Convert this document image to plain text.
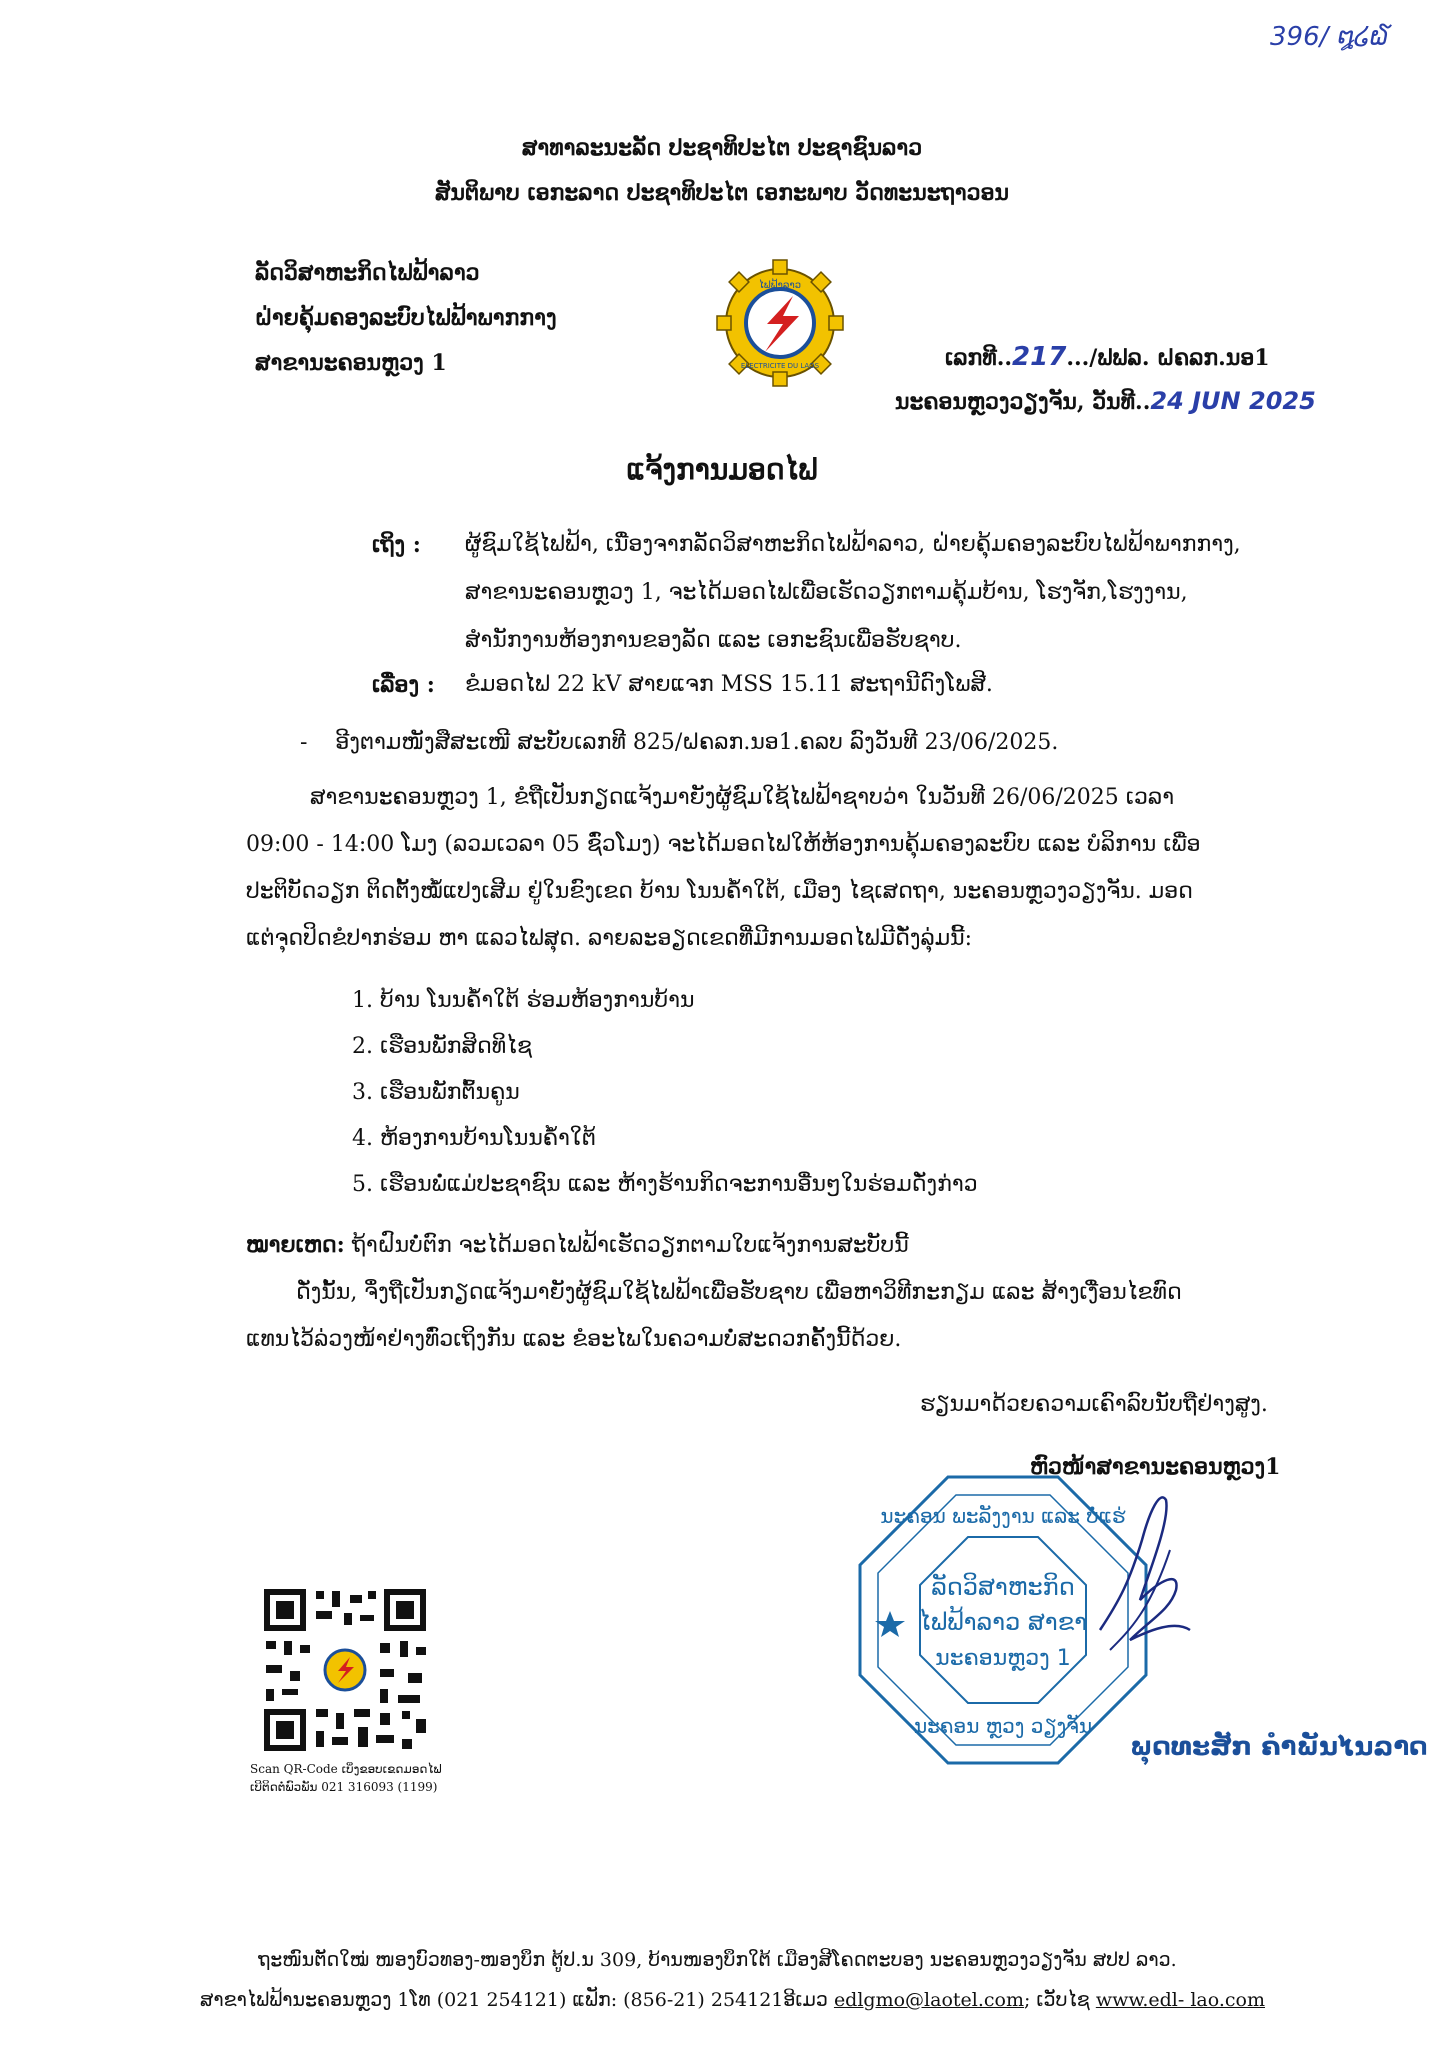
396/ ໘໒໖
ສາທາລະນະລັດ ປະຊາທິປະໄຕ ປະຊາຊົນລາວ
ສັນຕິພາບ ເອກະລາດ ປະຊາທິປະໄຕ ເອກະພາບ ວັດທະນະຖາວອນ
ລັດວິສາຫະກິດໄຟຟ້າລາວ
ຝ່າຍຄຸ້ມຄອງລະບົບໄຟຟ້າພາກກາງ
ສາຂານະຄອນຫຼວງ 1
ໄຟຟ້າລາວ
ELECTRICITE DU LAOS	ເລກທີ..217.../ຟຟລ. ຝຄລກ.ນອ1
ນະຄອນຫຼວງວຽງຈັນ, ວັນທີ..24 JUN 2025
ແຈ້ງການມອດໄຟ
ເຖິງ : ຜູ້ຊົມໃຊ້ໄຟຟ້າ, ເນື່ອງຈາກລັດວິສາຫະກິດໄຟຟ້າລາວ, ຝ່າຍຄຸ້ມຄອງລະບົບໄຟຟ້າພາກກາງ,
ສາຂານະຄອນຫຼວງ 1, ຈະໄດ້ມອດໄຟເພື່ອເຮັດວຽກຕາມຄຸ້ມບ້ານ, ໂຮງຈັກ,ໂຮງງານ,
ສຳນັກງານຫ້ອງການຂອງລັດ ແລະ ເອກະຊົນເພື່ອຮັບຊາບ.
ເລື່ອງ : ຂໍມອດໄຟ 22 kV ສາຍແຈກ MSS 15.11 ສະຖານີດົງໂພສີ.
-    ອີງຕາມໜັງສືສະເໜີ ສະບັບເລກທີ 825/ຝຄລກ.ນອ1.ຄລບ ລົງວັນທີ 23/06/2025.
ສາຂານະຄອນຫຼວງ 1, ຂໍຖືເປັນກຽດແຈ້ງມາຍັງຜູ້ຊົມໃຊ້ໄຟຟ້າຊາບວ່າ ໃນວັນທີ 26/06/2025 ເວລາ
09:00 - 14:00 ໂມງ (ລວມເວລາ 05 ຊົ່ວໂມງ) ຈະໄດ້ມອດໄຟໃຫ້ຫ້ອງການຄຸ້ມຄອງລະບົບ ແລະ ບໍລິການ ເພື່ອ
ປະຕິບັດວຽກ ຕິດຕັ້ງໝໍ້ແປງເສີມ ຢູ່ໃນຂົງເຂດ ບ້ານ ໂນນຄໍ້າໃຕ້, ເມືອງ ໄຊເສດຖາ, ນະຄອນຫຼວງວຽງຈັນ. ມອດ
ແຕ່ຈຸດປິດຂໍປາກຮ່ອມ ຫາ ແລວໄຟສຸດ. ລາຍລະອຽດເຂດທີ່ມີການມອດໄຟມີດັ່ງລຸ່ມນີ້:
1. ບ້ານ ໂນນຄໍ້າໃຕ້ ຮ່ອມຫ້ອງການບ້ານ
2. ເຮືອນພັກສິດທິໄຊ
3. ເຮືອນພັກຕົ້ນຄູນ
4. ຫ້ອງການບ້ານໂນນຄໍ້າໃຕ້
5. ເຮືອນພໍ່ແມ່ປະຊາຊົນ ແລະ ຫ້າງຮ້ານກິດຈະການອື່ນໆໃນຮ່ອມດັ່ງກ່າວ
ໝາຍເຫດ: ຖ້າຝົນບໍ່ຕົກ ຈະໄດ້ມອດໄຟຟ້າເຮັດວຽກຕາມໃບແຈ້ງການສະບັບນີ້
ດັ່ງນັ້ນ, ຈຶ່ງຖືເປັນກຽດແຈ້ງມາຍັງຜູ້ຊົມໃຊ້ໄຟຟ້າເພື່ອຮັບຊາບ ເພື່ອຫາວິທີກະກຽມ ແລະ ສ້າງເງື່ອນໄຂທົດ
ແທນໄວ້ລ່ວງໜ້າຢ່າງທົ່ວເຖິງກັນ ແລະ ຂໍອະໄພໃນຄວາມບໍ່ສະດວກຄັ້ງນີ້ດ້ວຍ.
ຮຽນມາດ້ວຍຄວາມເຄົາລົບນັບຖືຢ່າງສູງ.
ຫົວໜ້າສາຂານະຄອນຫຼວງ1
ນະຄອນ ພະລັງງານ ແລະ ບໍ່ແຮ່
ລັດວິສາຫະກິດ
ໄຟຟ້າລາວ ສາຂາ
ນະຄອນຫຼວງ 1
ນະຄອນ ຫຼວງ ວຽງຈັນ
ພຸດທະສັກ ຄຳພັນໄນລາດ
Scan QR-Code ເບິ່ງຂອບເຂດມອດໄຟ
ເບີຕິດຕໍ່ພົວພັນ 021 316093 (1199)
ຖະໜົນຕັດໃໝ່ ໜອງບົວທອງ-ໜອງບຶກ ຕູ້ປ.ນ 309, ບ້ານໜອງບຶກໃຕ້ ເມືອງສີໂຄດຕະບອງ ນະຄອນຫຼວງວຽງຈັນ ສປປ ລາວ.
ສາຂາໄຟຟ້ານະຄອນຫຼວງ 1ໂທ (021 254121) ແຟັກ: (856-21) 254121ອີເມວ edlgmo@laotel.com; ເວັບໄຊ www.edl- lao.com
